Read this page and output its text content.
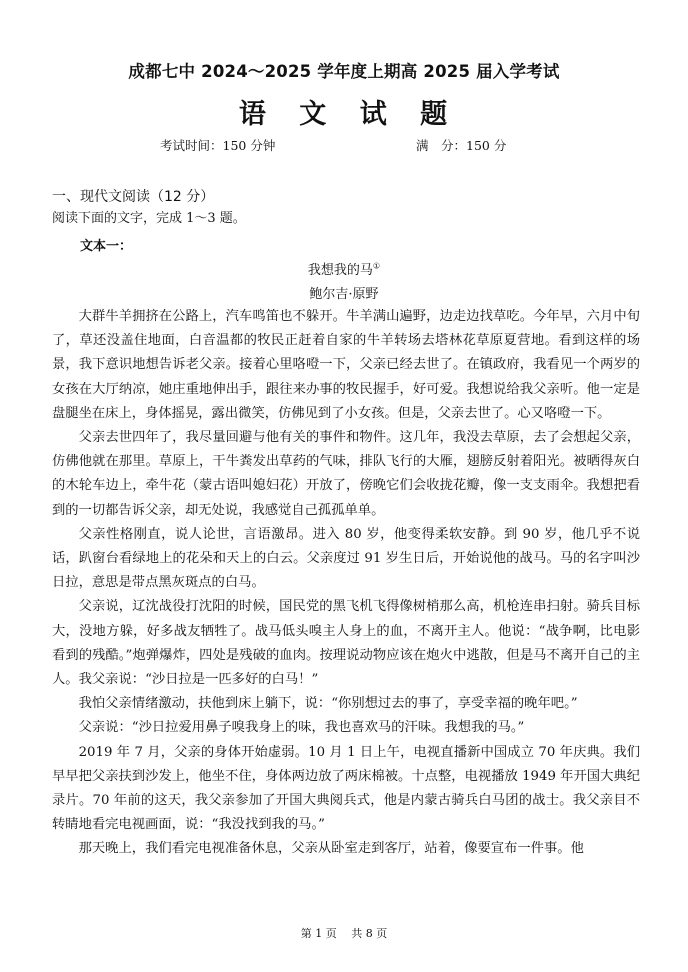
成都七中 2024～2025 学年度上期高 2025 届入学考试
语 文 试 题
考试时间：150 分钟	满　分：150 分
一、现代文阅读（12 分）
阅读下面的文字，完成 1～3 题。
文本一：
我想我的马①
鲍尔吉·原野

大群牛羊拥挤在公路上，汽车鸣笛也不躲开。牛羊满山遍野，边走边找草吃。今年早，六月中旬了，草还没盖住地面，白音温都的牧民正赶着自家的牛羊转场去塔林花草原夏营地。看到这样的场景，我下意识地想告诉老父亲。接着心里咯噔一下，父亲已经去世了。在镇政府，我看见一个两岁的女孩在大厅纳凉，她庄重地伸出手，跟往来办事的牧民握手，好可爱。我想说给我父亲听。他一定是盘腿坐在床上，身体摇晃，露出微笑，仿佛见到了小女孩。但是，父亲去世了。心又咯噔一下。

父亲去世四年了，我尽量回避与他有关的事件和物件。这几年，我没去草原，去了会想起父亲，仿佛他就在那里。草原上，干牛粪发出草药的气味，排队飞行的大雁，翅膀反射着阳光。被晒得灰白的木轮车边上，牵牛花（蒙古语叫媳妇花）开放了，傍晚它们会收拢花瓣，像一支支雨伞。我想把看到的一切都告诉父亲，却无处说，我感觉自己孤孤单单。

父亲性格刚直，说人论世，言语激昂。进入 80 岁，他变得柔软安静。到 90 岁，他几乎不说话，趴窗台看绿地上的花朵和天上的白云。父亲度过 91 岁生日后，开始说他的战马。马的名字叫沙日拉，意思是带点黑灰斑点的白马。

父亲说，辽沈战役打沈阳的时候，国民党的黑飞机飞得像树梢那么高，机枪连串扫射。骑兵目标大，没地方躲，好多战友牺牲了。战马低头嗅主人身上的血，不离开主人。他说：“战争啊，比电影看到的残酷。”炮弹爆炸，四处是残破的血肉。按理说动物应该在炮火中逃散，但是马不离开自己的主人。我父亲说：“沙日拉是一匹多好的白马！”

我怕父亲情绪激动，扶他到床上躺下，说：“你别想过去的事了，享受幸福的晚年吧。”

父亲说：“沙日拉爱用鼻子嗅我身上的味，我也喜欢马的汗味。我想我的马。”

2019 年 7 月，父亲的身体开始虚弱。10 月 1 日上午，电视直播新中国成立 70 年庆典。我们早早把父亲扶到沙发上，他坐不住，身体两边放了两床棉被。十点整，电视播放 1949 年开国大典纪录片。70 年前的这天，我父亲参加了开国大典阅兵式，他是内蒙古骑兵白马团的战士。我父亲目不转睛地看完电视画面，说：“我没找到我的马。”

那天晚上，我们看完电视准备休息，父亲从卧室走到客厅，站着，像要宣布一件事。他

第 1 页　 共 8 页
